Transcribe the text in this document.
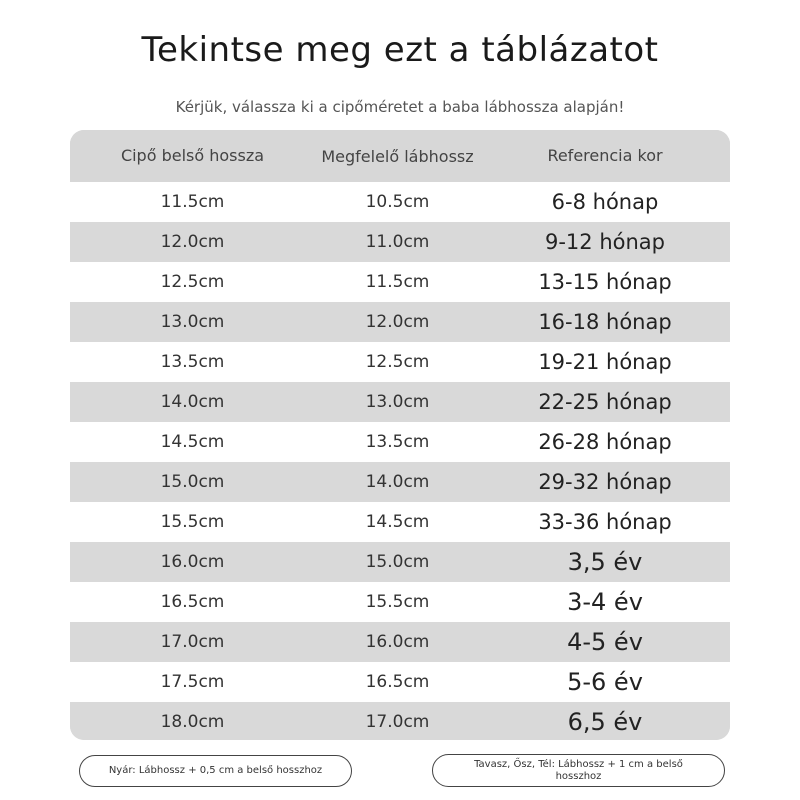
Tekintse meg ezt a táblázatot
Kérjük, válassza ki a cipőméretet a baba lábhossza alapján!
Cipő belső hossza	Megfelelő lábhossz	Referencia kor
11.5cm	10.5cm	6-8 hónap
12.0cm	11.0cm	9-12 hónap
12.5cm	11.5cm	13-15 hónap
13.0cm	12.0cm	16-18 hónap
13.5cm	12.5cm	19-21 hónap
14.0cm	13.0cm	22-25 hónap
14.5cm	13.5cm	26-28 hónap
15.0cm	14.0cm	29-32 hónap
15.5cm	14.5cm	33-36 hónap
16.0cm	15.0cm	3,5 év
16.5cm	15.5cm	3-4 év
17.0cm	16.0cm	4-5 év
17.5cm	16.5cm	5-6 év
18.0cm	17.0cm	6,5 év
Nyár: Lábhossz + 0,5 cm a belső hosszhoz
Tavasz, Ősz, Tél: Lábhossz + 1 cm a belső hosszhoz
